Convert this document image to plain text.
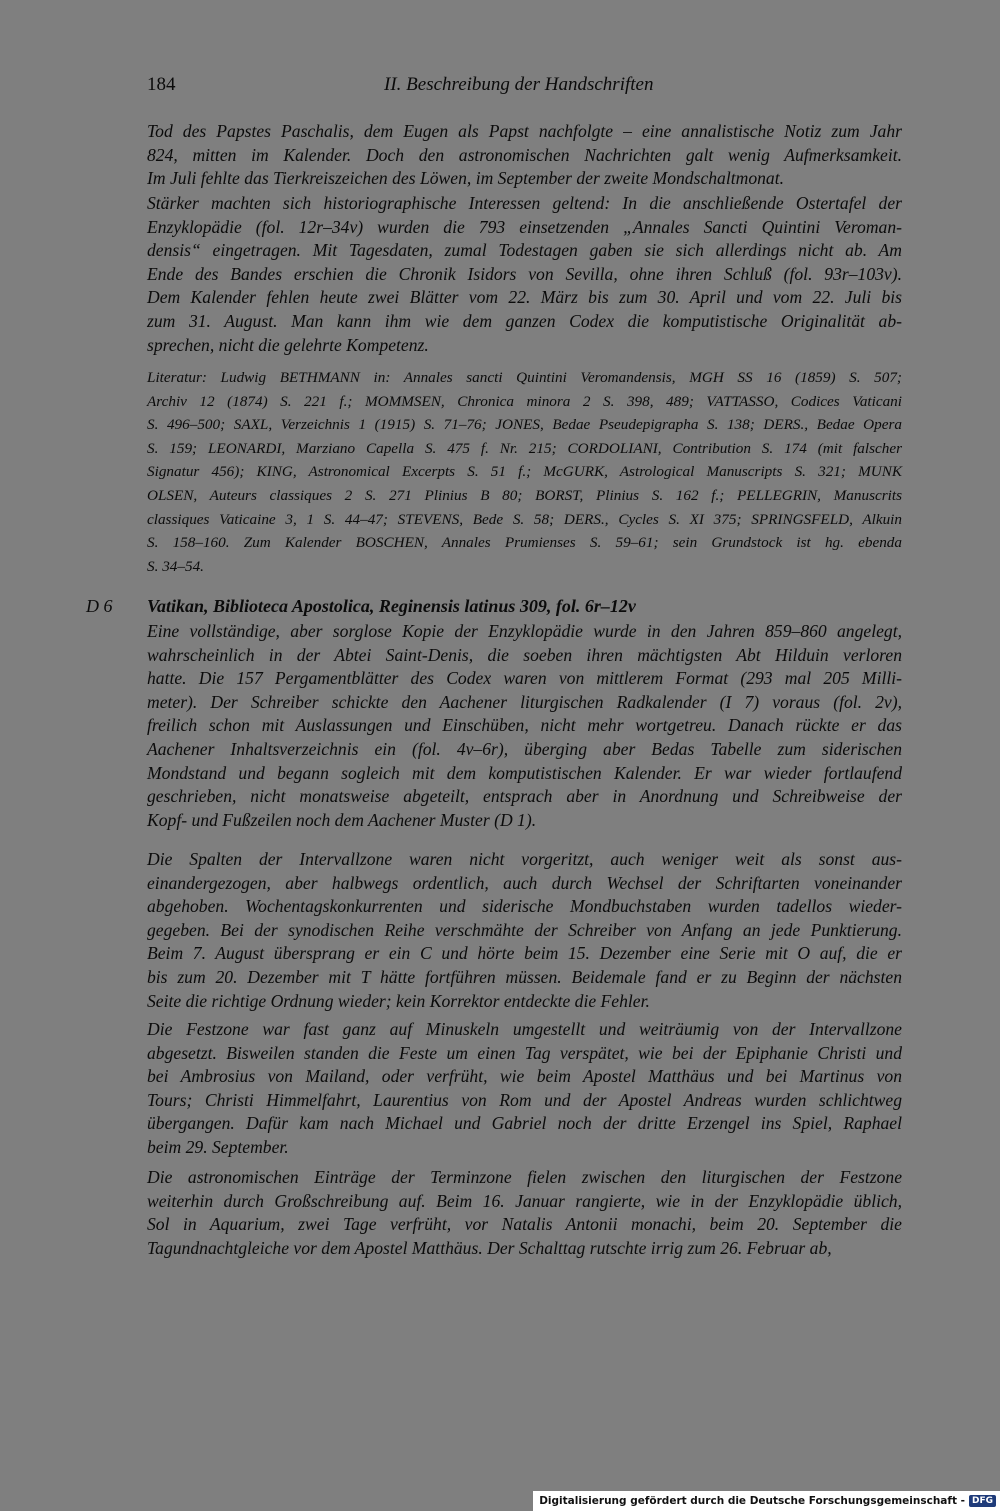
184	II. Beschreibung der Handschriften
Tod des Papstes Paschalis, dem Eugen als Papst nachfolgte – eine annalistische Notiz zum Jahr
824, mitten im Kalender. Doch den astronomischen Nachrichten galt wenig Aufmerksamkeit.
Im Juli fehlte das Tierkreiszeichen des Löwen, im September der zweite Mondschaltmonat.
Stärker machten sich historiographische Interessen geltend: In die anschließende Ostertafel der
Enzyklopädie (fol. 12r–34v) wurden die 793 einsetzenden „Annales Sancti Quintini Veroman-
densis“ eingetragen. Mit Tagesdaten, zumal Todestagen gaben sie sich allerdings nicht ab. Am
Ende des Bandes erschien die Chronik Isidors von Sevilla, ohne ihren Schluß (fol. 93r–103v).
Dem Kalender fehlen heute zwei Blätter vom 22. März bis zum 30. April und vom 22. Juli bis
zum 31. August. Man kann ihm wie dem ganzen Codex die komputistische Originalität ab-
sprechen, nicht die gelehrte Kompetenz.
Literatur: Ludwig BETHMANN in: Annales sancti Quintini Veromandensis, MGH SS 16 (1859) S. 507;
Archiv 12 (1874) S. 221 f.; MOMMSEN, Chronica minora 2 S. 398, 489; VATTASSO, Codices Vaticani
S. 496–500; SAXL, Verzeichnis 1 (1915) S. 71–76; JONES, Bedae Pseudepigrapha S. 138; DERS., Bedae Opera
S. 159; LEONARDI, Marziano Capella S. 475 f. Nr. 215; CORDOLIANI, Contribution S. 174 (mit falscher
Signatur 456); KING, Astronomical Excerpts S. 51 f.; McGURK, Astrological Manuscripts S. 321; MUNK
OLSEN, Auteurs classiques 2 S. 271 Plinius B 80; BORST, Plinius S. 162 f.; PELLEGRIN, Manuscrits
classiques Vaticaine 3, 1 S. 44–47; STEVENS, Bede S. 58; DERS., Cycles S. XI 375; SPRINGSFELD, Alkuin
S. 158–160. Zum Kalender BOSCHEN, Annales Prumienses S. 59–61; sein Grundstock ist hg. ebenda
S. 34–54.
D 6 Vatikan, Biblioteca Apostolica, Reginensis latinus 309, fol. 6r–12v
Eine vollständige, aber sorglose Kopie der Enzyklopädie wurde in den Jahren 859–860 angelegt,
wahrscheinlich in der Abtei Saint-Denis, die soeben ihren mächtigsten Abt Hilduin verloren
hatte. Die 157 Pergamentblätter des Codex waren von mittlerem Format (293 mal 205 Milli-
meter). Der Schreiber schickte den Aachener liturgischen Radkalender (I 7) voraus (fol. 2v),
freilich schon mit Auslassungen und Einschüben, nicht mehr wortgetreu. Danach rückte er das
Aachener Inhaltsverzeichnis ein (fol. 4v–6r), überging aber Bedas Tabelle zum siderischen
Mondstand und begann sogleich mit dem komputistischen Kalender. Er war wieder fortlaufend
geschrieben, nicht monatsweise abgeteilt, entsprach aber in Anordnung und Schreibweise der
Kopf- und Fußzeilen noch dem Aachener Muster (D 1).
Die Spalten der Intervallzone waren nicht vorgeritzt, auch weniger weit als sonst aus-
einandergezogen, aber halbwegs ordentlich, auch durch Wechsel der Schriftarten voneinander
abgehoben. Wochentagskonkurrenten und siderische Mondbuchstaben wurden tadellos wieder-
gegeben. Bei der synodischen Reihe verschmähte der Schreiber von Anfang an jede Punktierung.
Beim 7. August übersprang er ein C und hörte beim 15. Dezember eine Serie mit O auf, die er
bis zum 20. Dezember mit T hätte fortführen müssen. Beidemale fand er zu Beginn der nächsten
Seite die richtige Ordnung wieder; kein Korrektor entdeckte die Fehler.
Die Festzone war fast ganz auf Minuskeln umgestellt und weiträumig von der Intervallzone
abgesetzt. Bisweilen standen die Feste um einen Tag verspätet, wie bei der Epiphanie Christi und
bei Ambrosius von Mailand, oder verfrüht, wie beim Apostel Matthäus und bei Martinus von
Tours; Christi Himmelfahrt, Laurentius von Rom und der Apostel Andreas wurden schlichtweg
übergangen. Dafür kam nach Michael und Gabriel noch der dritte Erzengel ins Spiel, Raphael
beim 29. September.
Die astronomischen Einträge der Terminzone fielen zwischen den liturgischen der Festzone
weiterhin durch Großschreibung auf. Beim 16. Januar rangierte, wie in der Enzyklopädie üblich,
Sol in Aquarium, zwei Tage verfrüht, vor Natalis Antonii monachi, beim 20. September die
Tagundnachtgleiche vor dem Apostel Matthäus. Der Schalttag rutschte irrig zum 26. Februar ab,
Digitalisierung gefördert durch die Deutsche Forschungsgemeinschaft - DFG
